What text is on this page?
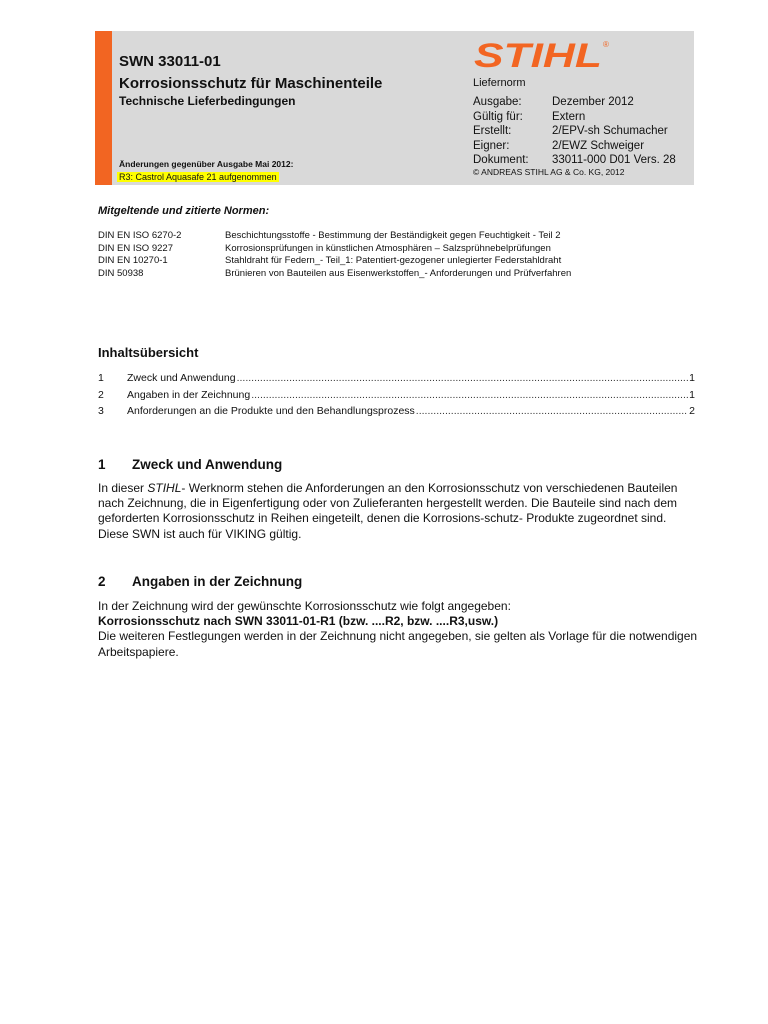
SWN 33011-01
Korrosionsschutz für Maschinenteile
Technische Lieferbedingungen
Änderungen gegenüber Ausgabe Mai 2012:
R3: Castrol Aquasafe 21 aufgenommen
STIHL ®
Liefernorm
Ausgabe:	Dezember 2012
Gültig für:	Extern
Erstellt:	2/EPV-sh Schumacher
Eigner:	2/EWZ Schweiger
Dokument:	33011-000 D01 Vers. 28
© ANDREAS STIHL AG & Co. KG, 2012
Mitgeltende und zitierte Normen:
DIN EN ISO 6270-2	Beschichtungsstoffe - Bestimmung der Beständigkeit gegen Feuchtigkeit - Teil 2
DIN EN ISO 9227	Korrosionsprüfungen in künstlichen Atmosphären – Salzsprühnebelprüfungen
DIN EN 10270-1	Stahldraht für Federn_- Teil_1: Patentiert-gezogener unlegierter Federstahldraht
DIN 50938	Brünieren von Bauteilen aus Eisenwerkstoffen_- Anforderungen und Prüfverfahren
Inhaltsübersicht
1	Zweck und Anwendung .....	1
2	Angaben in der Zeichnung .....	1
3	Anforderungen an die Produkte und den Behandlungsprozess .....	2
1	Zweck und Anwendung

In dieser STIHL- Werknorm stehen die Anforderungen an den Korrosionsschutz von verschiedenen Bauteilen nach Zeichnung, die in Eigenfertigung oder von Zulieferanten hergestellt werden. Die Bauteile sind nach dem geforderten Korrosionsschutz in Reihen eingeteilt, denen die Korrosions-schutz- Produkte zugeordnet sind.

Diese SWN ist auch für VIKING gültig.

2	Angaben in der Zeichnung

In der Zeichnung wird der gewünschte Korrosionsschutz wie folgt angegeben:

Korrosionsschutz nach SWN 33011-01-R1 (bzw. ....R2, bzw. ....R3,usw.)

Die weiteren Festlegungen werden in der Zeichnung nicht angegeben, sie gelten als Vorlage für die notwendigen Arbeitspapiere.
